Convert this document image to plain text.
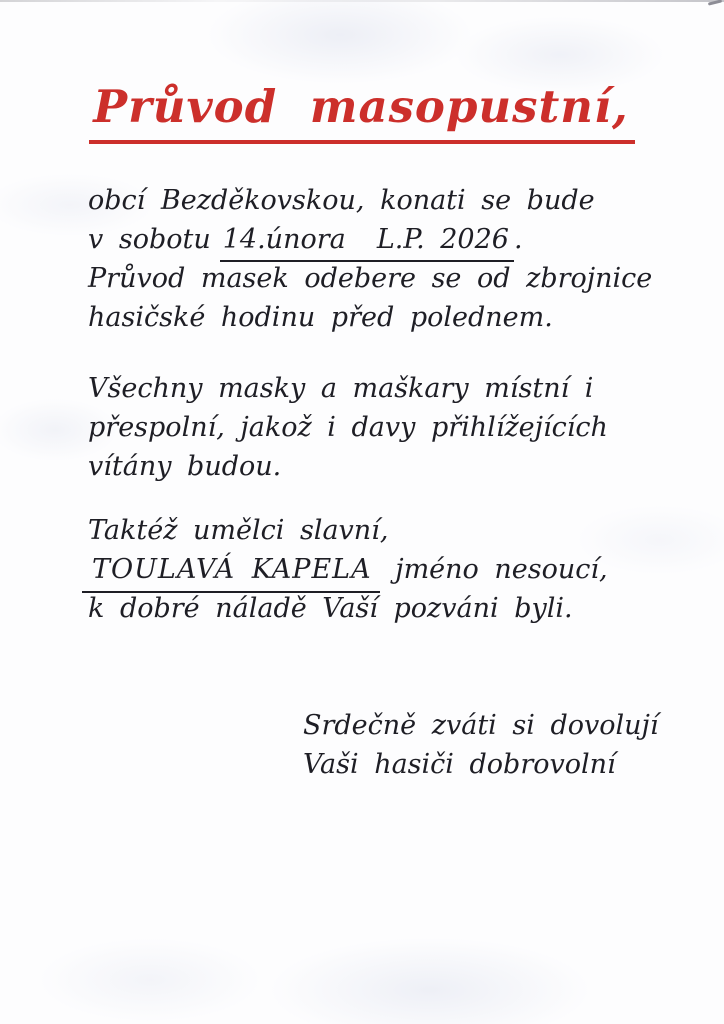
Průvod masopustní,
obcí Bezděkovskou, konati se bude
v sobotu 14.února  L.P. 2026 .
Průvod masek odebere se od zbrojnice
hasičské hodinu před polednem.
Všechny masky a maškary místní i
přespolní, jakož i davy přihlížejících
vítány budou.
Taktéž umělci slavní,
TOULAVÁ KAPELA jméno nesoucí,
k dobré náladě Vaší pozváni byli.
Srdečně zváti si dovolují
Vaši hasiči dobrovolní
